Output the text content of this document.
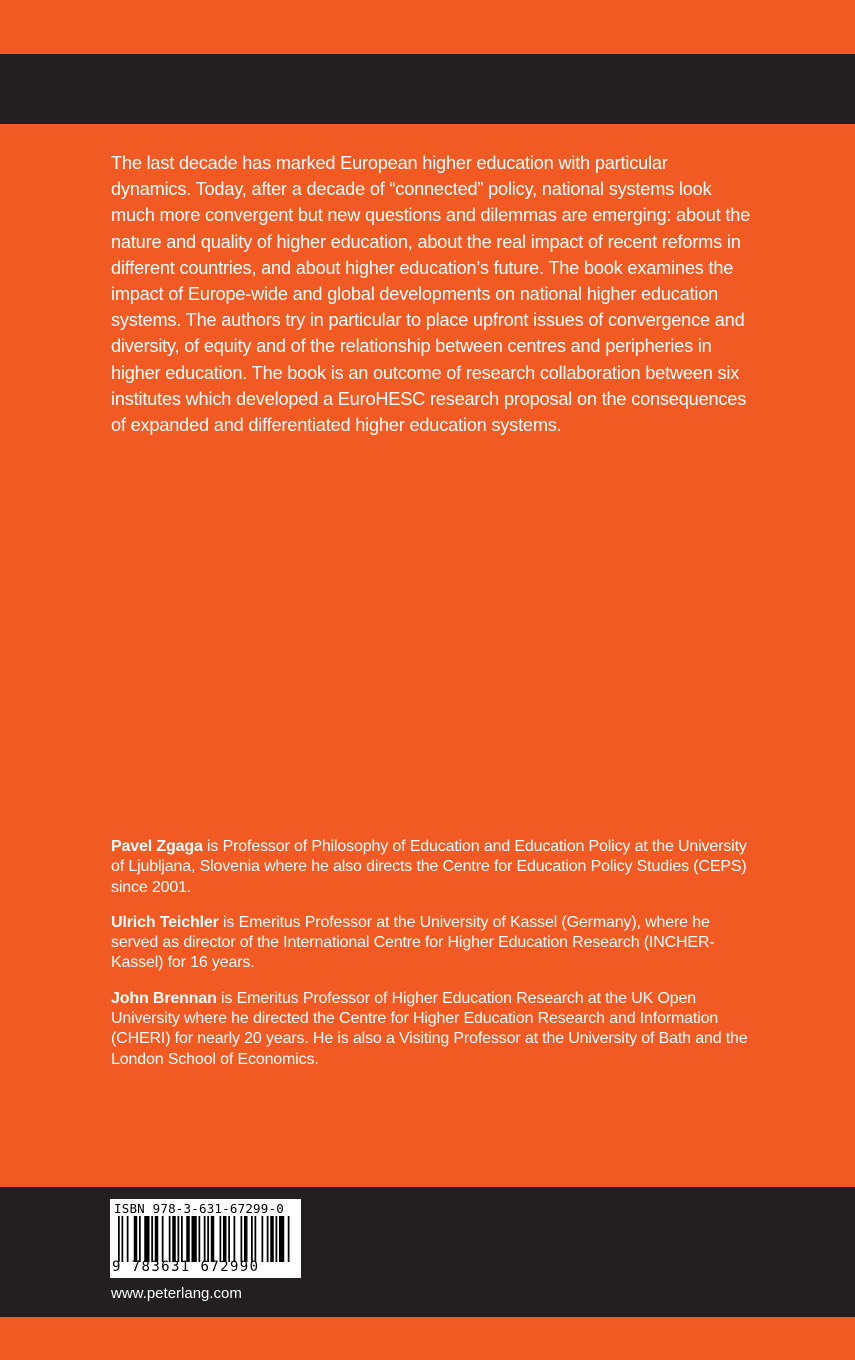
The last decade has marked European higher education with particular dynamics. Today, after a decade of “connected” policy, national systems look much more convergent but new questions and dilemmas are emerging: about the nature and quality of higher education, about the real impact of recent reforms in different countries, and about higher education’s future. The book examines the impact of Europe-wide and global developments on national higher education systems. The authors try in particular to place upfront issues of convergence and diversity, of equity and of the relationship between centres and peripheries in higher education. The book is an outcome of research collaboration between six institutes which developed a EuroHESC research proposal on the consequences of expanded and differentiated higher education systems.

Pavel Zgaga is Professor of Philosophy of Education and Education Policy at the University of Ljubljana, Slovenia where he also directs the Centre for Education Policy Studies (CEPS) since 2001.

Ulrich Teichler is Emeritus Professor at the University of Kassel (Germany), where he served as director of the International Centre for Higher Education Research (INCHER-Kassel) for 16 years.

John Brennan is Emeritus Professor of Higher Education Research at the UK Open University where he directed the Centre for Higher Education Research and Information (CHERI) for nearly 20 years. He is also a Visiting Professor at the University of Bath and the London School of Economics.

ISBN 978-3-631-67299-0
9 783631 672990
www.peterlang.com
